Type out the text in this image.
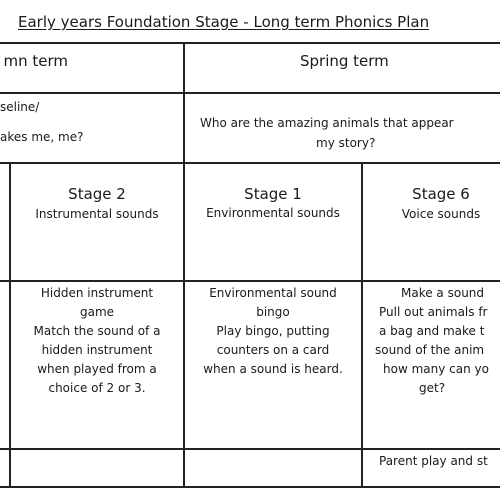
Early years Foundation Stage - Long term Phonics Plan
mn term	Spring term
seline/
akes me, me?
Who are the amazing animals that appear
my story?
Stage 2
Instrumental sounds
Stage 1
Environmental sounds
Stage 6
Voice sounds
Hidden instrument
game
Match the sound of a
hidden instrument
when played from a
choice of 2 or 3.
Environmental sound
bingo
Play bingo, putting
counters on a card
when a sound is heard.
Make a sound
Pull out animals fr
a bag and make t
sound of the anim
how many can yo
get?
Parent play and st
